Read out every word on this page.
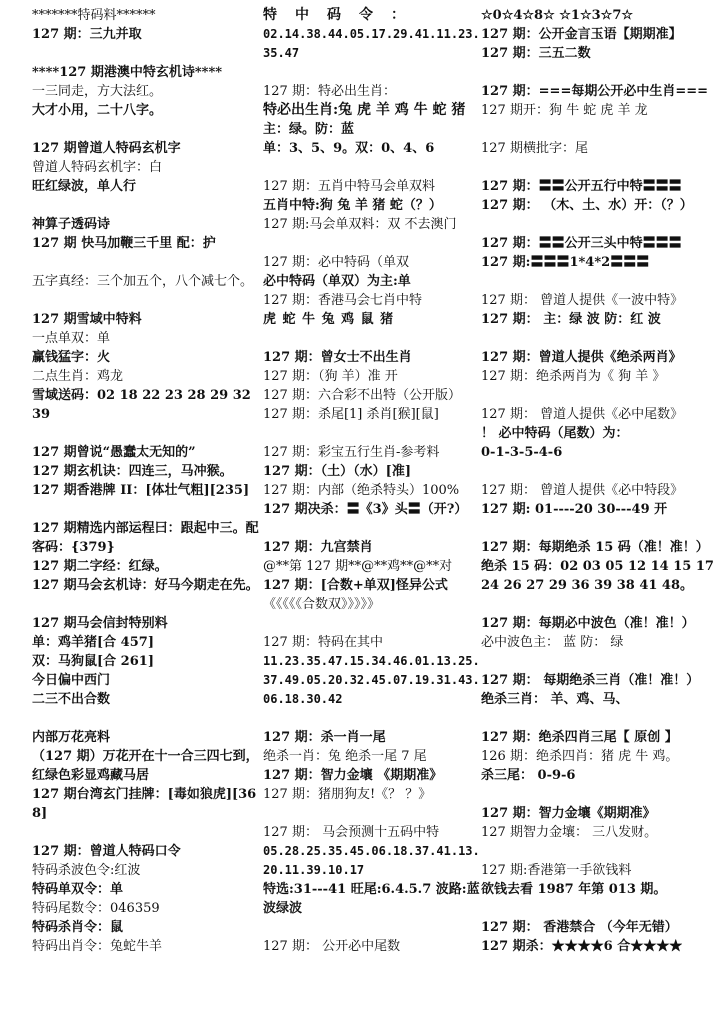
*******特码料******
127 期：三九并取
****127 期港澳中特玄机诗****
一三同走，方大法红。
大才小用，二十八字。
127 期曾道人特码玄机字
曾道人特码玄机字：白
旺红绿波，单人行
神算子透码诗
127 期 快马加鞭三千里 配：护
五字真经：三个加五个，八个减七个。
127 期雪域中特料
一点单双：单
赢钱猛字：火
二点生肖：鸡龙
雪域送码：02 18 22 23 28 29 32 39
127 期曾说“愚蠢太无知的”
127 期玄机诀：四连三，马冲猴。
127 期香港牌 II：[体壮气粗][235]
127 期精选内部运程曰：跟起中三。配客码：{379}
127 期二字经：红绿。
127 期马会玄机诗：好马今期走在先。
127 期马会信封特别料
单：鸡羊猪[合 457]
双：马狗鼠[合 261]
今日偏中西门
二三不出合数
内部万花亮料
（127 期）万花开在十一合三四七到，红绿色彩显鸡藏马居
127 期台湾玄门挂牌：[毒如狼虎][368]
127 期：曾道人特码口令
特码杀波色令:红波
特码单双令：单
特码尾数令：046359
特码杀肖令：鼠
特码出肖令：兔蛇牛羊
特中码令：
02.14.38.44.05.17.29.41.11.23.35.47
127 期：特必出生肖：
特必出生肖:兔 虎 羊 鸡 牛 蛇 猪
主：绿。防：蓝
单：3、5、9。双：0、4、6
127 期：五肖中特马会单双料
五肖中特:狗 兔 羊 猪 蛇（？）
127 期:马会单双料：双 不去澳门
127 期：必中特码（单双
必中特码（单双）为主:单
127 期：香港马会七肖中特
虎 蛇 牛 兔 鸡 鼠 猪
127 期：曾女士不出生肖
127 期：（狗 羊）准 开
127 期：六合彩不出特（公开版）
127 期：杀尾[1] 杀肖[猴][鼠]
127 期：彩宝五行生肖-参考料
127 期：（土）（水）[准]
127 期：内部（绝杀特头）100%
127 期决杀：〓《3》头〓（开?）
127 期：九宫禁肖
@**第 127 期**@**鸡**@**对
127 期：[合数+单双]怪异公式
《《《《《合数双》》》》》
127 期：特码在其中
11.23.35.47.15.34.46.01.13.25.37.49.05.20.32.45.07.19.31.43.06.18.30.42
127 期：杀一肖一尾
绝杀一肖：兔 绝杀一尾 7 尾
127 期：智力金壤 《期期准》
127 期：猪朋狗友!《？ ？》
127 期： 马会预测十五码中特
05.28.25.35.45.06.18.37.41.13.20.11.39.10.17
特选:31---41 旺尾:6.4.5.7 波路:蓝波绿波
127 期： 公开必中尾数
☆0☆4☆8☆ ☆1☆3☆7☆
127 期：公开金言玉语【期期准】
127 期：三五二数
127 期：===每期公开必中生肖===
127 期开：狗 牛 蛇 虎 羊 龙
127 期横批字：尾
127 期：〓〓公开五行中特〓〓〓
127 期： （木、土、水）开：（？）
127 期：〓〓公开三头中特〓〓〓
127 期:〓〓〓1*4*2〓〓〓
127 期： 曾道人提供《一波中特》
127 期： 主：绿 波 防：红 波
127 期：曾道人提供《绝杀两肖》
127 期：绝杀两肖为《 狗 羊 》
127 期： 曾道人提供《必中尾数》
！ 必中特码（尾数）为：
0-1-3-5-4-6
127 期： 曾道人提供《必中特段》
127 期: 01----20 30---49 开
127 期：每期绝杀 15 码（准！准！）
绝杀 15 码：02 03 05 12 14 15 17 24 26 27 29 36 39 38 41 48。
127 期：每期必中波色（准！准！）
必中波色主： 蓝 防： 绿
127 期： 每期绝杀三肖（准！准！）
绝杀三肖： 羊、鸡、马、
127 期：绝杀四肖三尾【 原创 】
126 期：绝杀四肖：猪 虎 牛 鸡。
杀三尾： 0-9-6
127 期：智力金壤《期期准》
127 期智力金壤： 三八发财。
127 期:香港第一手欲钱料
欲钱去看 1987 年第 013 期。
127 期： 香港禁合 （今年无错）
127 期杀：★★★★6 合★★★★
